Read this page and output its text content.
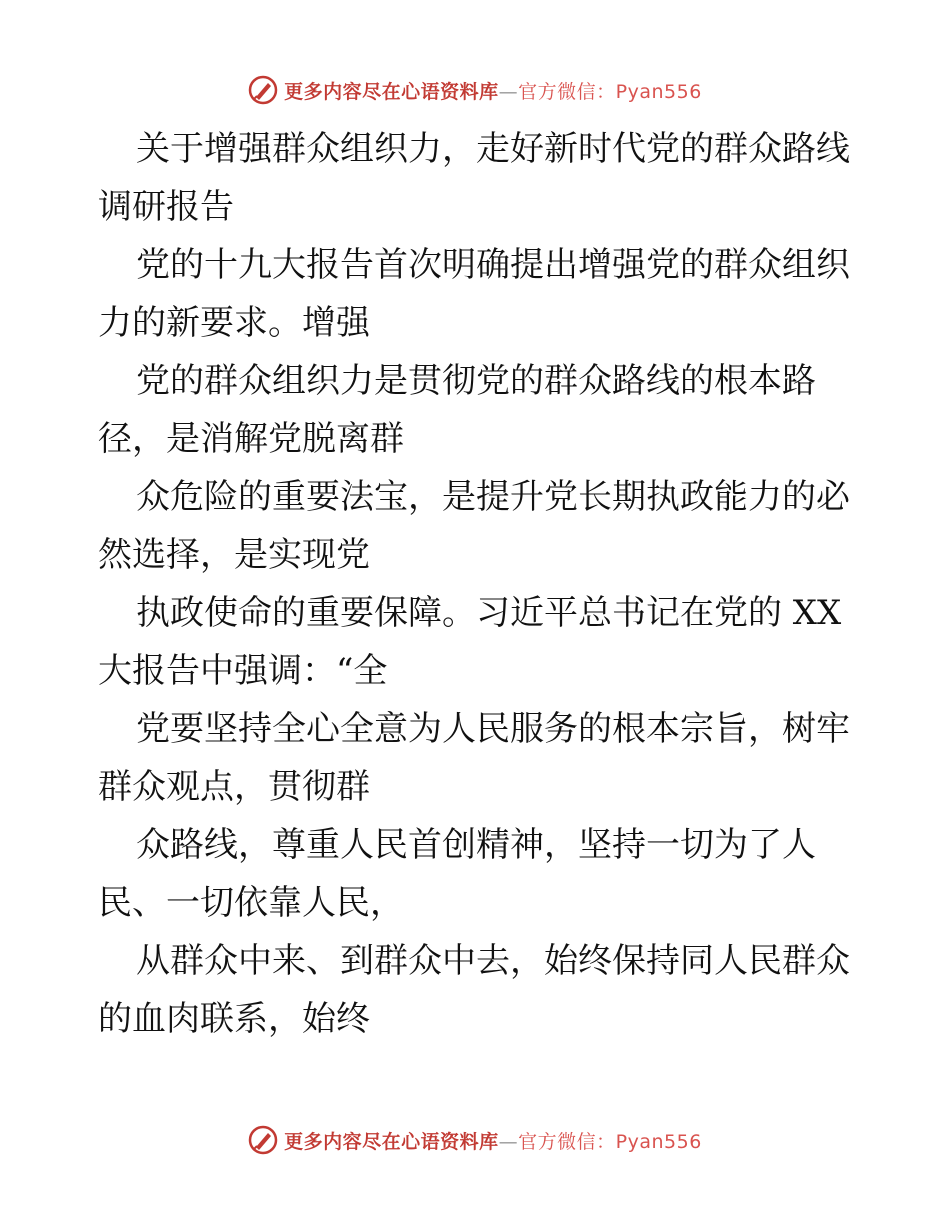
更多内容尽在心语资料库—官方微信：Pyan556

关于增强群众组织力，走好新时代党的群众路线
调研报告

党的十九大报告首次明确提出增强党的群众组织
力的新要求。增强

党的群众组织力是贯彻党的群众路线的根本路
径，是消解党脱离群

众危险的重要法宝，是提升党长期执政能力的必
然选择，是实现党

执政使命的重要保障。习近平总书记在党的 XX
大报告中强调：“全

党要坚持全心全意为人民服务的根本宗旨，树牢
群众观点，贯彻群

众路线，尊重人民首创精神，坚持一切为了人
民、一切依靠人民，

从群众中来、到群众中去，始终保持同人民群众
的血肉联系，始终

更多内容尽在心语资料库—官方微信：Pyan556
